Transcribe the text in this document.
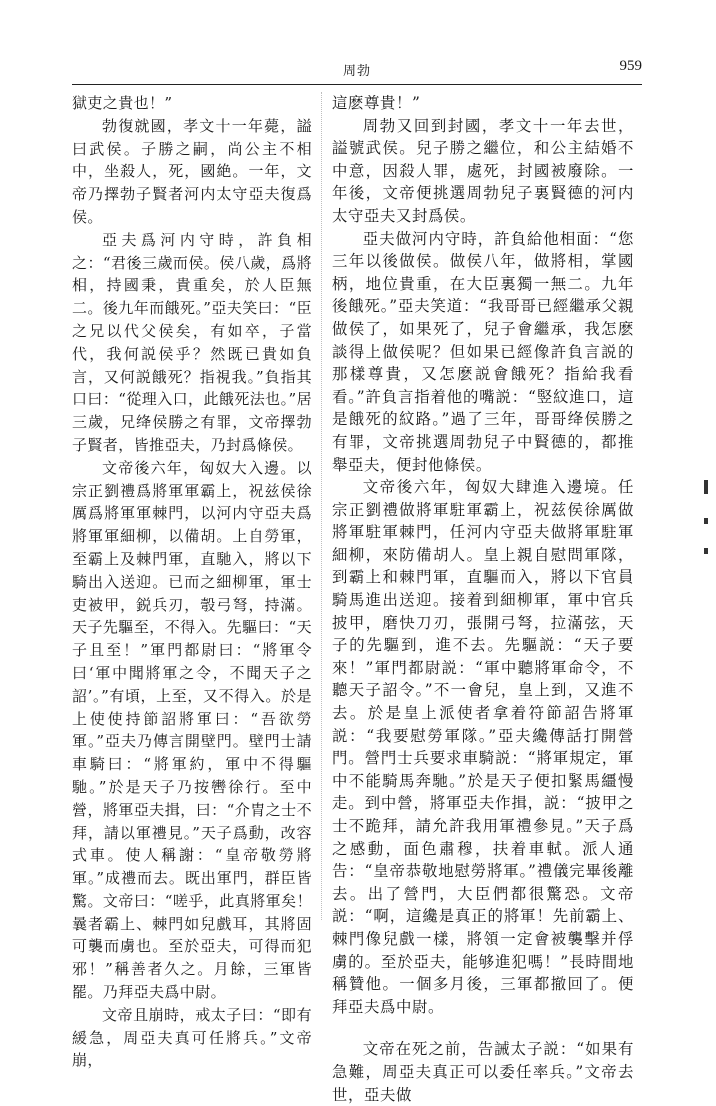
周勃	959

獄吏之貴也！”

勃復就國，孝文十一年薨，謚曰武侯。子勝之嗣，尚公主不相中，坐殺人，死，國絶。一年，文帝乃擇勃子賢者河内太守亞夫復爲侯。

亞夫爲河内守時，許負相之：“君後三歲而侯。侯八歲，爲將相，持國秉，貴重矣，於人臣無二。後九年而餓死。”亞夫笑曰：“臣之兄以代父侯矣，有如卒，子當代，我何説侯乎？然既已貴如負言，又何説餓死？指視我。”負指其口曰：“從理入口，此餓死法也。”居三歲，兄绛侯勝之有罪，文帝擇勃子賢者，皆推亞夫，乃封爲條侯。

文帝後六年，匈奴大入邊。以宗正劉禮爲將軍軍霸上，祝兹侯徐厲爲將軍軍棘門，以河内守亞夫爲將軍軍細柳，以備胡。上自勞軍，至霸上及棘門軍，直馳入，將以下騎出入送迎。已而之細柳軍，軍士吏被甲，鋭兵刃，彀弓弩，持滿。天子先驅至，不得入。先驅曰：“天子且至！”軍門都尉曰：“將軍令曰‘軍中聞將軍之令，不聞天子之詔’。”有頃，上至，又不得入。於是上使使持節詔將軍曰：“吾欲勞軍。”亞夫乃傳言開壁門。壁門士請車騎曰：“將軍約，軍中不得驅馳。”於是天子乃按轡徐行。至中營，將軍亞夫揖，曰：“介胄之士不拜，請以軍禮見。”天子爲動，改容式車。使人稱謝：“皇帝敬勞將軍。”成禮而去。既出軍門，群臣皆驚。文帝曰：“嗟乎，此真將軍矣！曩者霸上、棘門如兒戲耳，其將固可襲而虜也。至於亞夫，可得而犯邪！”稱善者久之。月餘，三軍皆罷。乃拜亞夫爲中尉。

文帝且崩時，戒太子曰：“即有緩急，周亞夫真可任將兵。”文帝崩，

這麽尊貴！”

周勃又回到封國，孝文十一年去世，謚號武侯。兒子勝之繼位，和公主結婚不中意，因殺人罪，處死，封國被廢除。一年後，文帝便挑選周勃兒子裏賢德的河内太守亞夫又封爲侯。

亞夫做河内守時，許負給他相面：“您三年以後做侯。做侯八年，做將相，掌國柄，地位貴重，在大臣裏獨一無二。九年後餓死。”亞夫笑道：“我哥哥已經繼承父親做侯了，如果死了，兒子會繼承，我怎麽談得上做侯呢？但如果已經像許負言説的那樣尊貴，又怎麽説會餓死？指給我看看。”許負言指着他的嘴説：“竪紋進口，這是餓死的紋路。”過了三年，哥哥绛侯勝之有罪，文帝挑選周勃兒子中賢德的，都推舉亞夫，便封他條侯。

文帝後六年，匈奴大肆進入邊境。任宗正劉禮做將軍駐軍霸上，祝兹侯徐厲做將軍駐軍棘門，任河内守亞夫做將軍駐軍細柳，來防備胡人。皇上親自慰問軍隊，到霸上和棘門軍，直驅而入，將以下官員騎馬進出送迎。接着到細柳軍，軍中官兵披甲，磨快刀刃，張開弓弩，拉滿弦，天子的先驅到，進不去。先驅説：“天子要來！”軍門都尉説：“軍中聽將軍命令，不聽天子詔令。”不一會兒，皇上到，又進不去。於是皇上派使者拿着符節詔告將軍説：“我要慰勞軍隊。”亞夫纔傳話打開營門。營門士兵要求車騎説：“將軍規定，軍中不能騎馬奔馳。”於是天子便扣緊馬繮慢走。到中營，將軍亞夫作揖，説：“披甲之士不跪拜，請允許我用軍禮參見。”天子爲之感動，面色肅穆，扶着車軾。派人通告：“皇帝恭敬地慰勞將軍。”禮儀完畢後離去。出了營門，大臣們都很驚恐。文帝説：“啊，這纔是真正的將軍！先前霸上、棘門像兒戲一樣，將領一定會被襲擊并俘虜的。至於亞夫，能够進犯嗎！”長時間地稱贊他。一個多月後，三軍都撤回了。便拜亞夫爲中尉。

文帝在死之前，告誡太子説：“如果有急難，周亞夫真正可以委任率兵。”文帝去世，亞夫做
